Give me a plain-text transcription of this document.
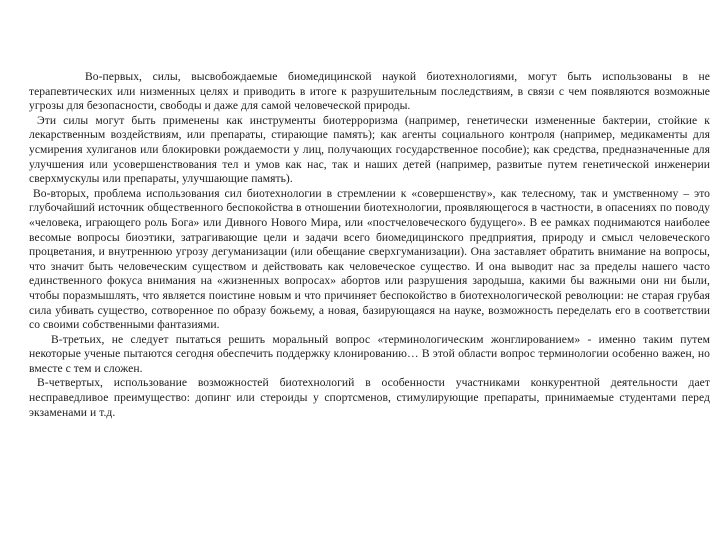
Во-первых, силы, высвобождаемые биомедицинской наукой биотехнологиями, могут быть использованы в не терапевтических или низменных целях и приводить в итоге к разрушительным последствиям, в связи с чем появляются возможные угрозы для безопасности, свободы и даже для самой человеческой природы.

Эти силы могут быть применены как инструменты биотерроризма (например, генетически измененные бактерии, стойкие к лекарственным воздействиям, или препараты, стирающие память); как агенты социального контроля (например, медикаменты для усмирения хулиганов или блокировки рождаемости у лиц, получающих государственное пособие); как средства, предназначенные для улучшения или усовершенствования тел и умов как нас, так и наших детей (например, развитые путем генетической инженерии сверхмускулы или препараты, улучшающие память).

Во-вторых, проблема использования сил биотехнологии в стремлении к «совершенству», как телесному, так и умственному – это глубочайший источник общественного беспокойства в отношении биотехнологии, проявляющегося в частности, в опасениях по поводу «человека, играющего роль Бога» или Дивного Нового Мира, или «постчеловеческого будущего». В ее рамках поднимаются наиболее весомые вопросы биоэтики, затрагивающие цели и задачи всего биомедицинского предприятия, природу и смысл человеческого процветания, и внутреннюю угрозу дегуманизации (или обещание сверхгуманизации). Она заставляет обратить внимание на вопросы, что значит быть человеческим существом и действовать как человеческое существо. И она выводит нас за пределы нашего часто единственного фокуса внимания на «жизненных вопросах» абортов или разрушения зародыша, какими бы важными они ни были, чтобы поразмышлять, что является поистине новым и что причиняет беспокойство в биотехнологической революции: не старая грубая сила убивать существо, сотворенное по образу божьему, а новая, базирующаяся на науке, возможность переделать его в соответствии со своими собственными фантазиями.

В-третьих, не следует пытаться решить моральный вопрос «терминологическим жонглированием» - именно таким путем некоторые ученые пытаются сегодня обеспечить поддержку клонированию… В этой области вопрос терминологии особенно важен, но вместе с тем и сложен.

В-четвертых, использование возможностей биотехнологий в особенности участниками конкурентной деятельности дает несправедливое преимущество: допинг или стероиды у спортсменов, стимулирующие препараты, принимаемые студентами перед экзаменами и т.д.
